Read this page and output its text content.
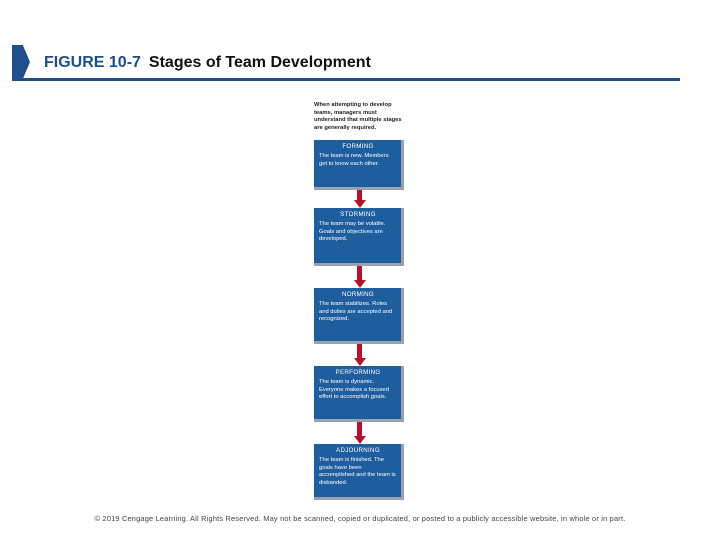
FIGURE 10-7 Stages of Team Development
When attempting to develop teams, managers must understand that multiple stages are generally required.
FORMING
The team is new. Members get to know each other.
STORMING
The team may be volatile. Goals and objectives are developed.
NORMING
The team stabilizes. Roles and duties are accepted and recognized.
PERFORMING
The team is dynamic. Everyone makes a focused effort to accomplish goals.
ADJOURNING
The team is finished. The goals have been accomplished and the team is disbanded.
© 2019 Cengage Learning. All Rights Reserved. May not be scanned, copied or duplicated, or posted to a publicly accessible website, in whole or in part.
